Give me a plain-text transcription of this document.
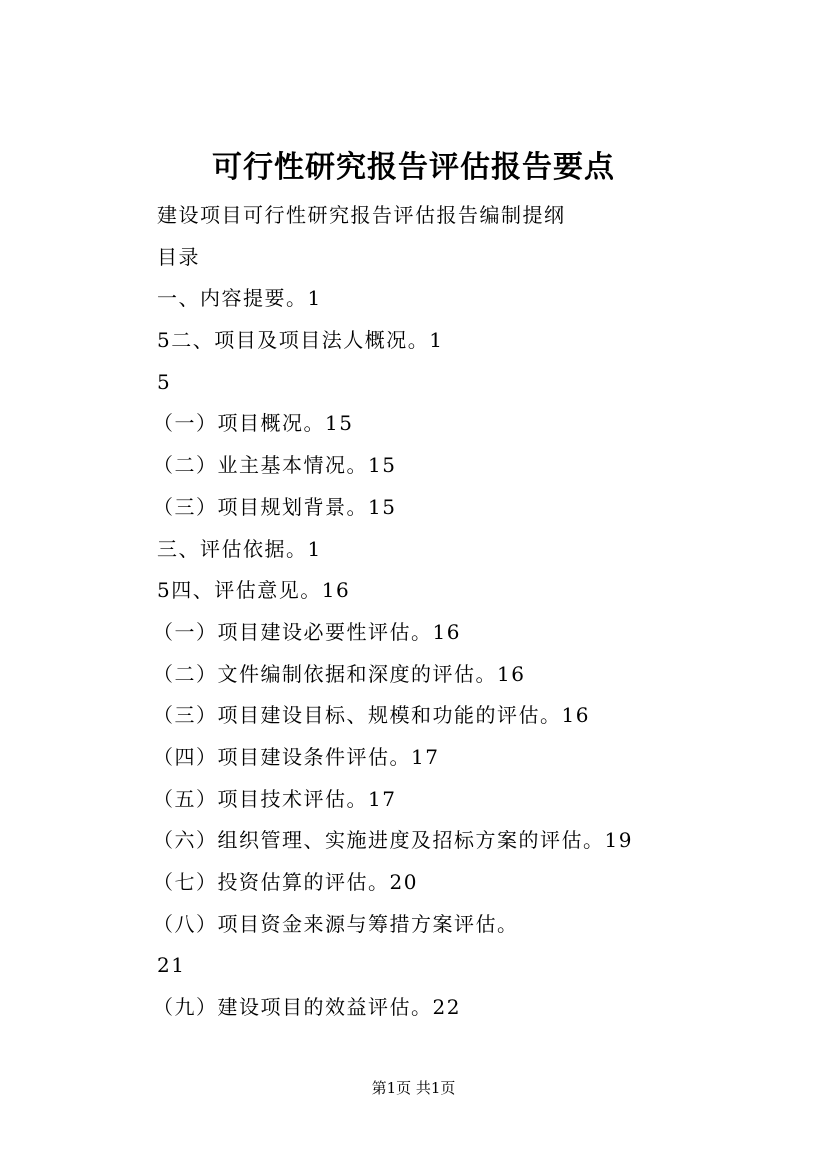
可行性研究报告评估报告要点
建设项目可行性研究报告评估报告编制提纲
目录
一、内容提要。1
5二、项目及项目法人概况。1
5
（一）项目概况。15
（二）业主基本情况。15
（三）项目规划背景。15
三、评估依据。1
5四、评估意见。16
（一）项目建设必要性评估。16
（二）文件编制依据和深度的评估。16
（三）项目建设目标、规模和功能的评估。16
（四）项目建设条件评估。17
（五）项目技术评估。17
（六）组织管理、实施进度及招标方案的评估。19
（七）投资估算的评估。20
（八）项目资金来源与筹措方案评估。
21
（九）建设项目的效益评估。22
第1页 共1页
